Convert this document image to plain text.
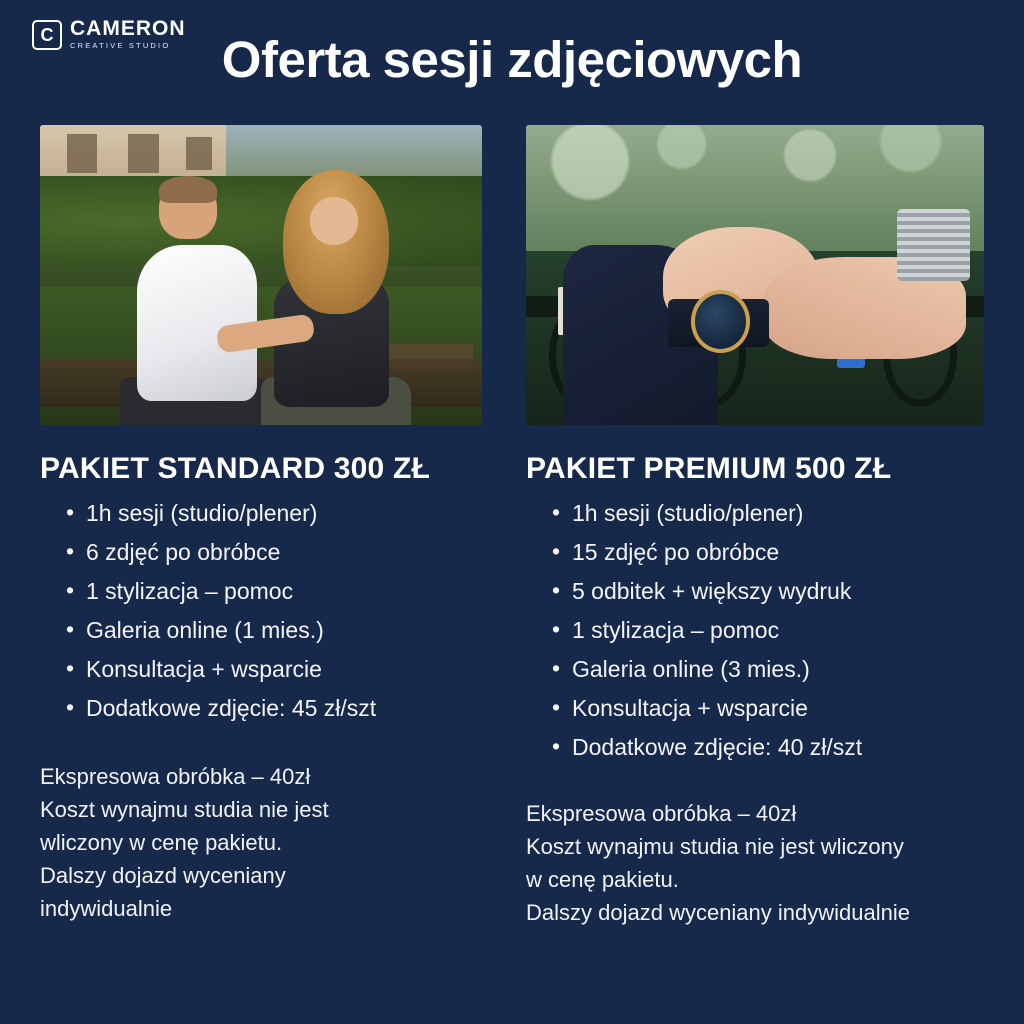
C CAMERON
CREATIVE STUDIO	Oferta sesji zdjęciowych
PAKIET STANDARD 300 ZŁ
• 1h sesji (studio/plener)
• 6 zdjęć po obróbce
• 1 stylizacja – pomoc
• Galeria online (1 mies.)
• Konsultacja + wsparcie
• Dodatkowe zdjęcie: 45 zł/szt

Ekspresowa obróbka – 40zł

Koszt wynajmu studia nie jest

wliczony w cenę pakietu.

Dalszy dojazd wyceniany

indywidualnie

PAKIET PREMIUM 500 ZŁ
• 1h sesji (studio/plener)
• 15 zdjęć po obróbce
• 5 odbitek + większy wydruk
• 1 stylizacja – pomoc
• Galeria online (3 mies.)
• Konsultacja + wsparcie
• Dodatkowe zdjęcie: 40 zł/szt

Ekspresowa obróbka – 40zł

Koszt wynajmu studia nie jest wliczony

w cenę pakietu.

Dalszy dojazd wyceniany indywidualnie
